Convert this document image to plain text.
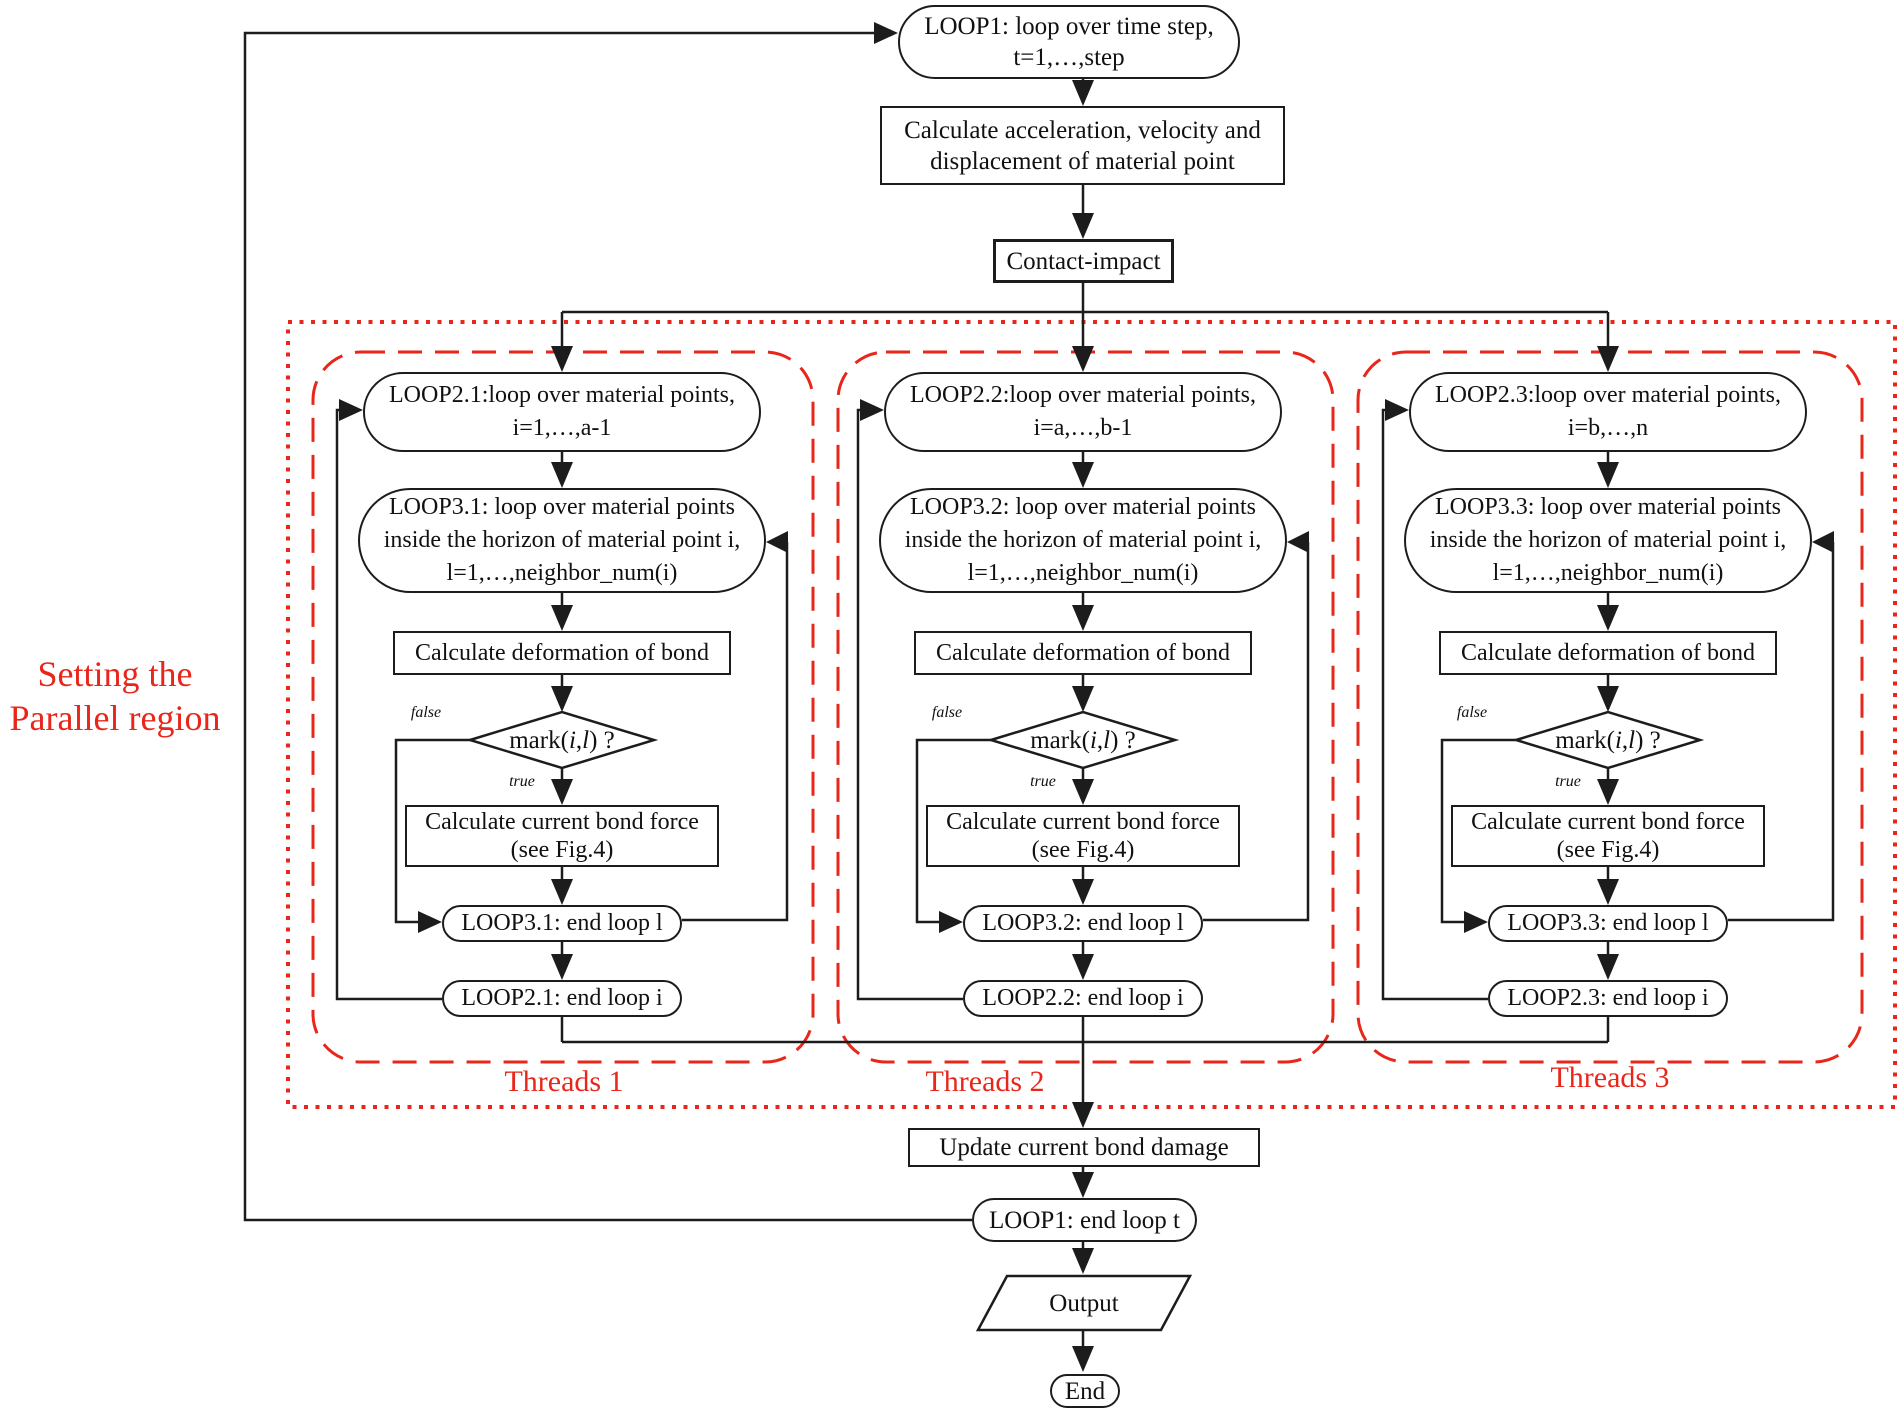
Setting the
Parallel region
Threads 1	Threads 2	Threads 3
LOOP1: loop over time step,
t=1,…,step
Calculate acceleration, velocity and
displacement of material point
Contact-impact
LOOP2.1:loop over material points,
i=1,…,a-1
LOOP3.1: loop over material points
inside the horizon of material point i,
l=1,…,neighbor_num(i)
Calculate deformation of bond
mark(i,l) ?
false
true
Calculate current bond force
(see Fig.4)
LOOP3.1: end loop l
LOOP2.1: end loop i
LOOP2.2:loop over material points,
i=a,…,b-1
LOOP3.2: loop over material points
inside the horizon of material point i,
l=1,…,neighbor_num(i)
Calculate deformation of bond
mark(i,l) ?
false
true
Calculate current bond force
(see Fig.4)
LOOP3.2: end loop l
LOOP2.2: end loop i
LOOP2.3:loop over material points,
i=b,…,n
LOOP3.3: loop over material points
inside the horizon of material point i,
l=1,…,neighbor_num(i)
Calculate deformation of bond
mark(i,l) ?
false
true
Calculate current bond force
(see Fig.4)
LOOP3.3: end loop l
LOOP2.3: end loop i
Update current bond damage
LOOP1: end loop t
Output
End
